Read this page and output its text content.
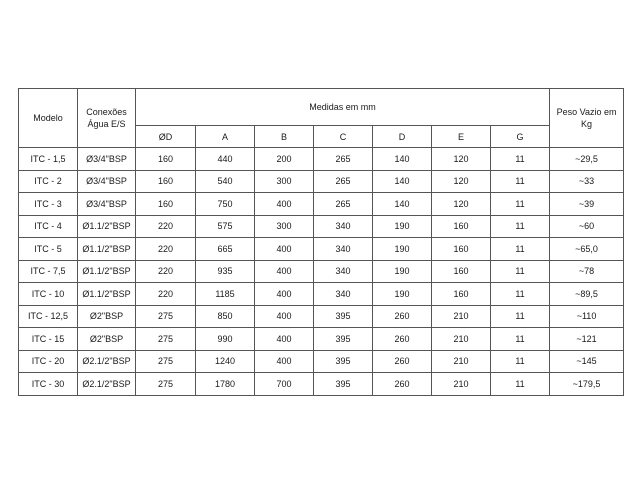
Modelo	Conexões Água E/S	Medidas em mm							Peso Vazio em Kg
		ØD	A	B	C	D	E	G	
ITC - 1,5	Ø3/4"BSP	160	440	200	265	140	120	11	~29,5
ITC - 2	Ø3/4"BSP	160	540	300	265	140	120	11	~33
ITC - 3	Ø3/4"BSP	160	750	400	265	140	120	11	~39
ITC - 4	Ø1.1/2"BSP	220	575	300	340	190	160	11	~60
ITC - 5	Ø1.1/2"BSP	220	665	400	340	190	160	11	~65,0
ITC - 7,5	Ø1.1/2"BSP	220	935	400	340	190	160	11	~78
ITC - 10	Ø1.1/2"BSP	220	1185	400	340	190	160	11	~89,5
ITC - 12,5	Ø2"BSP	275	850	400	395	260	210	11	~110
ITC - 15	Ø2"BSP	275	990	400	395	260	210	11	~121
ITC - 20	Ø2.1/2"BSP	275	1240	400	395	260	210	11	~145
ITC - 30	Ø2.1/2"BSP	275	1780	700	395	260	210	11	~179,5
